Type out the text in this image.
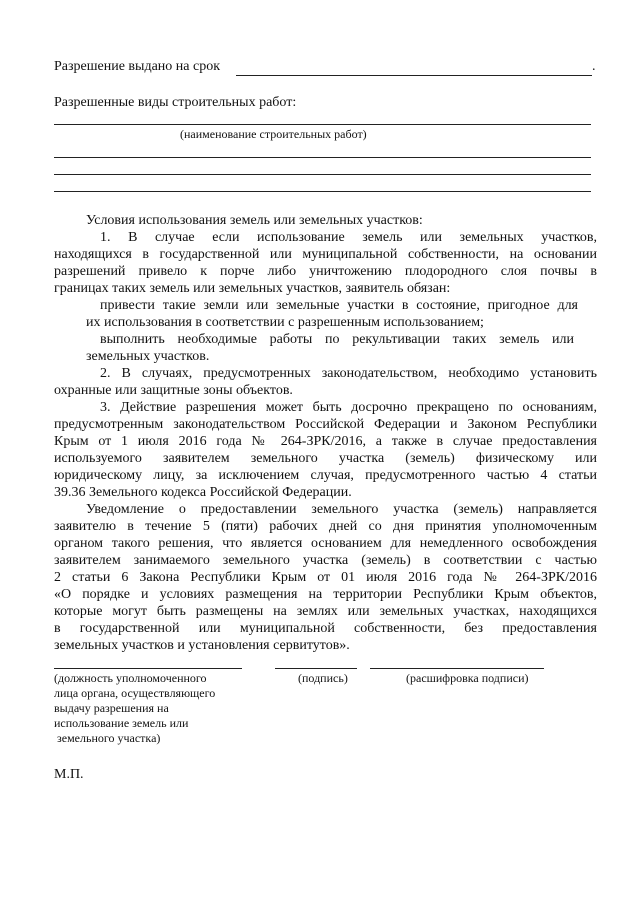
Разрешение выдано на срок	.
Разрешенные виды строительных работ:
(наименование строительных работ)
Условия использования земель или земельных участков:
1. В случае если использование земель или земельных участков,
находящихся в государственной или муниципальной собственности, на основании
разрешений привело к порче либо уничтожению плодородного слоя почвы в
границах таких земель или земельных участков, заявитель обязан:
привести такие земли или земельные участки в состояние, пригодное для
их использования в соответствии с разрешенным использованием;
выполнить необходимые работы по рекультивации таких земель или
земельных участков.
2. В случаях, предусмотренных законодательством, необходимо установить
охранные или защитные зоны объектов.
3. Действие разрешения может быть досрочно прекращено по основаниям,
предусмотренным законодательством Российской Федерации и Законом Республики
Крым от 1 июля 2016 года № 264-ЗРК/2016, а также в случае предоставления
используемого заявителем земельного участка (земель) физическому или
юридическому лицу, за исключением случая, предусмотренного частью 4 статьи
39.36 Земельного кодекса Российской Федерации.
Уведомление о предоставлении земельного участка (земель) направляется
заявителю в течение 5 (пяти) рабочих дней со дня принятия уполномоченным
органом такого решения, что является основанием для немедленного освобождения
заявителем занимаемого земельного участка (земель) в соответствии с частью
2 статьи 6 Закона Республики Крым от 01 июля 2016 года № 264-ЗРК/2016
«О порядке и условиях размещения на территории Республики Крым объектов,
которые могут быть размещены на землях или земельных участках, находящихся
в государственной или муниципальной собственности, без предоставления
земельных участков и установления сервитутов».
(должность уполномоченного
лица органа, осуществляющего
выдачу разрешения на
использование земель или
земельного участка)
(подпись)	(расшифровка подписи)
М.П.
